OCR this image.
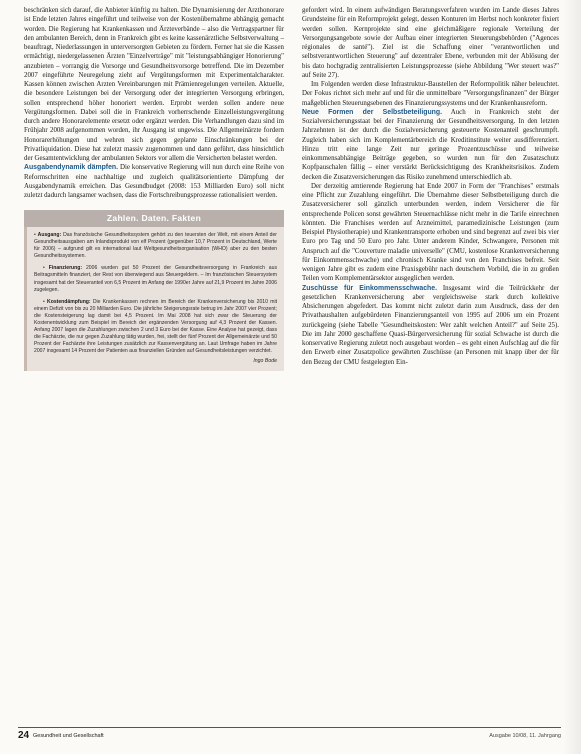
beschränken sich darauf, die Anbieter künftig zu halten. Die Dynamisierung der Arzthonorare ist Ende letzten Jahres eingeführt und teilweise von der Kostenübernahme abhängig gemacht worden. Die Regierung hat Krankenkassen und Ärzteverbände – also die Vertragspartner für den ambulanten Bereich, denn in Frankreich gibt es keine kassenärztliche Selbstverwaltung – beauftragt, Niederlassungen in unterversorgten Gebieten zu fördern. Ferner hat sie die Kassen ermächtigt, niedergelassenen Ärzten "Einzelverträge" mit "leistungsabhängiger Honorierung" anzubieten – vorrangig die Vorsorge und Gesundheitsvorsorge betreffend. Die im Dezember 2007 eingeführte Neuregelung zieht auf Vergütungsformen mit Experimentalcharakter. Kassen können zwischen Arzten Vereinbarungen mit Prämienregelungen verteilen. Aktuelle, die besondere Leistungen bei der Versorgung oder der integrierten Versorgung erbringen, sollen entsprechend höher honoriert werden. Erprobt werden sollen andere neue Vergütungsformen. Dabei soll die in Frankreich vorherrschende Einzelleistungsvergütung durch andere Honorarelemente ersetzt oder ergänzt werden. Die Verhandlungen dazu sind im Frühjahr 2008 aufgenommen worden, ihr Ausgang ist ungewiss. Die Allgemeinärzte fordern Honorarerhöhungen und wehren sich gegen geplante Einschränkungen bei der Privatliquidation. Diese hat zuletzt massiv zugenommen und dann geführt, dass hinsichtlich der Gesamtentwicklung der ambulanten Sektors vor allem die Versicherten belastet werden.

Ausgabendynamik dämpfen. Die konservative Regierung will nun durch eine Reihe von Reformschritten eine nachhaltige und zugleich qualitätsorientierte Dämpfung der Ausgabendynamik erreichen. Das Gesundbudget (2008: 153 Milliarden Euro) soll nicht zuletzt dadurch langsamer wachsen, dass die Fortschreibungsprozesse rationalisiert werden.

Zahlen. Daten. Fakten

• Ausgang: Das französische Gesundheitssystem gehört zu den teuersten der Welt, mit einem Anteil der Gesundheitsausgaben am Inlandsprodukt von elf Prozent (gegenüber 10,7 Prozent in Deutschland, Werte für 2006) – aufgrund gilt es international laut Weltgesundheitsorganisation (WHO) aber zu den besten Gesundheitssystemen.

• Finanzierung: 2006 wurden gut 50 Prozent der Gesundheitsversorgung in Frankreich aus Beitragsmitteln finanziert, der Rest von überwiegend aus Steuergeldern. – Im französischen Steuersystem insgesamt hat der Steueranteil von 6,5 Prozent im Anfang der 1990er Jahre auf 21,9 Prozent im Jahre 2006 zugelegen.

• Kostendämpfung: Die Krankenkassen rechnen im Bereich der Krankenversicherung bis 2010 mit einem Defizit von bis zu 20 Milliarden Euro. Die jährliche Steigerungsrate betrug im Jahr 2007 vier Prozent; die Kostensteigerung lag damit bei 4,5 Prozent. Im Mai 2008 hat sich zwar die Steuerung der Kostenentwicklung zum Beispiel im Bereich der ergänzenden Versorgung auf 4,3 Prozent der Kassen. Anfang 2007 lagen die Zuzahlungen zwischen 2 und 3 Euro bei der Kasse. Eine Analyse hat gezeigt, dass die Fachärzte, die nur gegen Zuzahlung tätig wurden, frei, stellt der fünf Prozent der Allgemeinärzte und 50 Prozent der Fachärzte ihre Leistungen zusätzlich zur Kassenvergütung an. Laut Umfrage haben im Jahre 2007 insgesamt 14 Prozent der Patienten aus finanziellen Gründen auf Gesundheitsleistungen verzichtet.

Ingo Bode

gefordert wird. In einem aufwändigen Beratungsverfahren wurden im Lande dieses Jahres Grundsteine für ein Reformprojekt gelegt, dessen Konturen im Herbst noch konkreter fixiert werden sollen. Kernprojekte sind eine gleichmäßigere regionale Verteilung der Versorgungsangebote sowie der Aufbau einer integrierten Steuerungsbehörden ("Agences régionales de santé"). Ziel ist die Schaffung einer "verantwortlichen und selbstverantwortlichen Steuerung" auf dezentraler Ebene, verbunden mit der Ablösung der bis dato hochgradig zentralisierten Leistungsprozesse (siehe Abbildung "Wer steuert was?" auf Seite 27).

Im Folgenden werden diese Infrastruktur-Baustellen der Reformpolitik näher beleuchtet. Der Fokus richtet sich mehr auf und für die unmittelbare "Versorgungsfinanzen" der Bürger maßgeblichen Steuerungsebenen des Finanzierungssystems und der Krankenhausreform.

Neue Formen der Selbstbeteiligung. Auch in Frankreich steht der Sozialversicherungsstaat bei der Finanzierung der Gesundheitsversorgung. In den letzten Jahrzehnten ist der durch die Sozialversicherung gesteuerte Kostenanteil geschrumpft. Zugleich haben sich im Komplementärbereich die Kreditinstitute weiter ausdifferenziert. Hinzu tritt eine lange Zeit nur geringe Prozentzuschüsse und teilweise einkommensabhängige Beiträge gegeben, so wurden nun für den Zusatzschutz Kopfpauschalen fällig – einer verstärkt Berücksichtigung des Krankheitsrisikos. Zudem decken die Zusatzversicherungen das Risiko zunehmend unterschiedlich ab.

Der derzeitig amtierende Regierung hat Ende 2007 in Form der "Franchises" erstmals eine Pflicht zur Zuzahlung eingeführt. Die Übernahme dieser Selbstbeteiligung durch die Zusatzversicherer soll gänzlich unterbunden werden, indem Versicherer die für entsprechende Policen sonst gewährten Steuernachlässe nicht mehr in die Tarife einrechnen könnten. Die Franchises werden auf Arzneimittel, paramedizinische Leistungen (zum Beispiel Physiotherapie) und Krankentransporte erhoben und sind begrenzt auf zwei bis vier Euro pro Tag und 50 Euro pro Jahr. Unter anderem Kinder, Schwangere, Personen mit Anspruch auf die "Couverture maladie universelle" (CMU, kostenlose Krankenversicherung für Einkommensschwache) und chronisch Kranke sind von den Franchises befreit. Seit wenigen Jahre gibt es zudem eine Praxisgebühr nach deutschem Vorbild, die in zu großen Teilen vom Komplementärsektor ausgeglichen werden.

Zuschüsse für Einkommensschwache. Insgesamt wird die Teilrückkehr der gesetzlichen Krankenversicherung aber vergleichsweise stark durch kollektive Absicherungen abgefedert. Das kommt nicht zuletzt darin zum Ausdruck, dass der den Privathaushalten aufgebürdeten Finanzierungsanteil von 1995 auf 2006 um ein Prozent zurückgeing (siehe Tabelle "Gesundheitskosten: Wer zahlt welchen Anteil?" auf Seite 25). Die im Jahr 2000 geschaffene Quasi-Bürgerversicherung für sozial Schwache ist durch die konservative Regierung zuletzt noch ausgebaut worden – es geht einen Aufschlag auf die für den Erwerb einer Zusatzpolice gewährten Zuschüsse (an Personen mit knapp über der für den Bezug der CMU festgelegten Ein-

24 Gesundheit und Gesellschaft	Ausgabe 10/08, 11. Jahrgang
